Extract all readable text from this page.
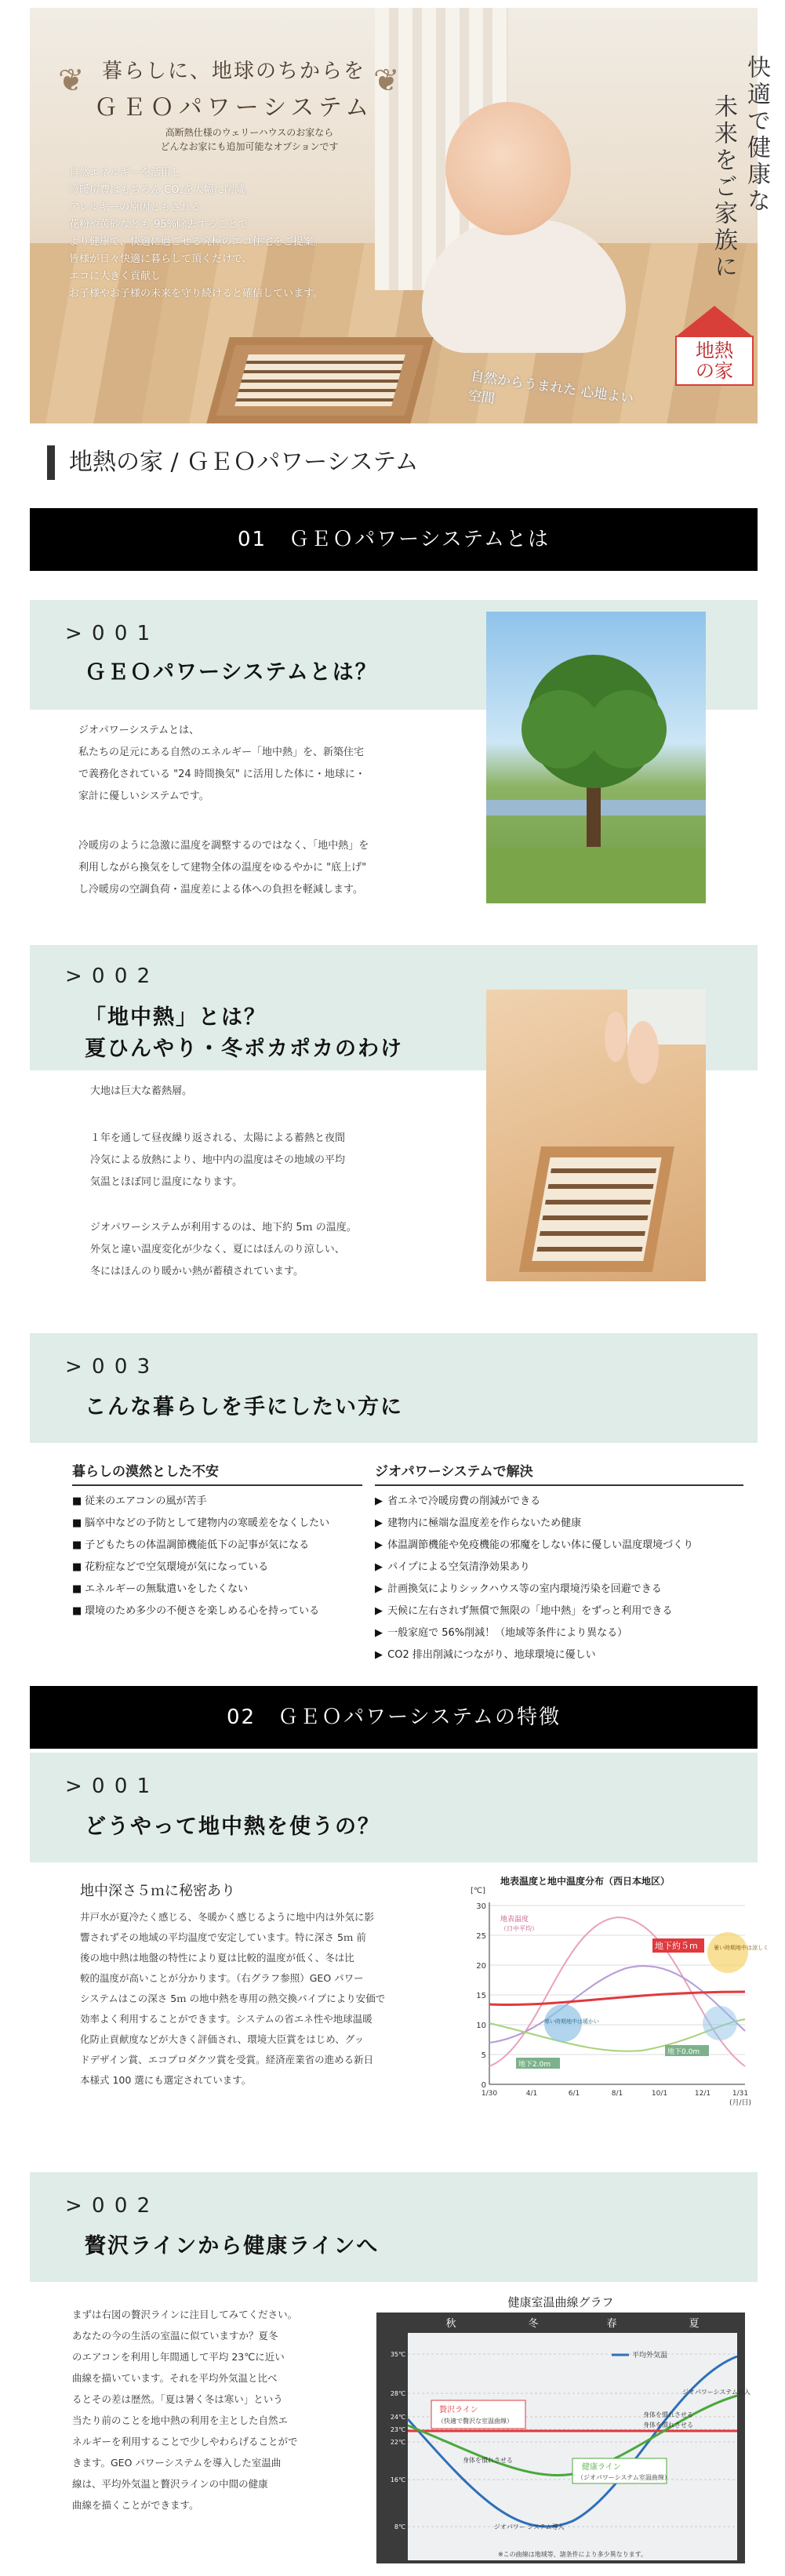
❦	❦
暮らしに、地球のちからを
ＧＥＯパワーシステム
高断熱仕様のウェリーハウスのお家なら
どんなお家にも追加可能なオプションです
自然エネルギーを活用し
冷暖房費はもちろん CO₂を大幅に削減。
アレルギーの原因ともされる
花粉や黄砂なども 95%除去することで
より健康で、快適に過ごせる究極のエコ住宅をご提案。
皆様が日々快適に暮らして頂くだけで、
エコに大きく貢献し
お子様やお子様の未来を守り続けると確信しています。
自然からうまれた 心地よい空間
快適で健康な
未来をご家族に
地熱
の家
地熱の家 / ＧＥＯパワーシステム
01　ＧＥＯパワーシステムとは
> 0 0 1
ＧＥＯパワーシステムとは？
ジオパワーシステムとは、
私たちの足元にある自然のエネルギー「地中熱」を、新築住宅
で義務化されている "24 時間換気" に活用した体に・地球に・
家計に優しいシステムです。
冷暖房のように急激に温度を調整するのではなく、「地中熱」を
利用しながら換気をして建物全体の温度をゆるやかに "底上げ"
し冷暖房の空調負荷・温度差による体への負担を軽減します。
> 0 0 2
「地中熱」とは？
夏ひんやり・冬ポカポカのわけ
大地は巨大な蓄熱層。
１年を通して昼夜繰り返される、太陽による蓄熱と夜間
冷気による放熱により、地中内の温度はその地域の平均
気温とほぼ同じ温度になります。
ジオパワーシステムが利用するのは、地下約 5ｍ の温度。
外気と違い温度変化が少なく、夏にはほんのり涼しい、
冬にはほんのり暖かい熱が蓄積されています。
> 0 0 3
こんな暮らしを手にしたい方に
暮らしの漠然とした不安
■ 従来のエアコンの風が苦手
■ 脳卒中などの予防として建物内の寒暖差をなくしたい
■ 子どもたちの体温調節機能低下の記事が気になる
■ 花粉症などで空気環境が気になっている
■ エネルギーの無駄遣いをしたくない
■ 環境のため多少の不便さを楽しめる心を持っている
ジオパワーシステムで解決
▶ 省エネで冷暖房費の削減ができる
▶ 建物内に極端な温度差を作らないため健康
▶ 体温調節機能や免疫機能の邪魔をしない体に優しい温度環境づくり
▶ パイプによる空気清浄効果あり
▶ 計画換気によりシックハウス等の室内環境汚染を回避できる
▶ 天候に左右されず無償で無限の「地中熱」をずっと利用できる
▶ 一般家庭で 56%削減！（地域等条件により異なる）
▶ CO2 排出削減につながり、地球環境に優しい
02　ＧＥＯパワーシステムの特徴
> 0 0 1
どうやって地中熱を使うの？
地中深さ５ｍに秘密あり
井戸水が夏冷たく感じる、冬暖かく感じるように地中内は外気に影
響されずその地域の平均温度で安定しています。特に深さ 5ｍ 前
後の地中熱は地盤の特性により夏は比較的温度が低く、冬は比
較的温度が高いことが分かります。（右グラフ参照）GEO パワー
システムはこの深さ 5ｍ の地中熱を専用の熱交換パイプにより安価で
効率よく利用することができます。システムの省エネ性や地球温暖
化防止貢献度などが大きく評価され、環境大臣賞をはじめ、グッ
ドデザイン賞、エコプロダクツ賞を受賞。経済産業省の進める新日
本様式 100 選にも選定されています。
地表温度と地中温度分布（西日本地区）
[℃]
30
25
20
15
10
5
0
地下約５m
地表温度
（日中平均）
暑い時期地中は涼しく
寒い時期地中は暖かい
地下0.0m
地下2.0m
1/30	4/1	6/1	8/1	10/1	12/1	1/31
(月/日)
> 0 0 2
贅沢ラインから健康ラインへ
まずは右図の贅沢ラインに注目してみてください。
あなたの今の生活の室温に似ていますか？夏冬
のエアコンを利用し年間通して平均 23℃に近い
曲線を描いています。それを平均外気温と比べ
るとその差は歴然。「夏は暑く冬は寒い」という
当たり前のことを地中熱の利用を主とした自然エ
ネルギーを利用することで少しやわらげることがで
きます。GEO パワーシステムを導入した室温曲
線は、平均外気温と贅沢ラインの中間の健康
曲線を描くことができます。
健康室温曲線グラフ
秋	冬	春	夏
35℃
28℃
24℃
23℃
22℃
16℃
8℃
平均外気温
贅沢ライン
（快適で贅沢な室温曲線）
健康ライン
（ジオパワーシステム室温曲線）
ジオパワーシステム導入
ジオパワー システム導入
身体を慣れさせる
身体を慣れさせる
身体を慣れさせる
※この曲線は地域等、諸条件により多少異なります。
